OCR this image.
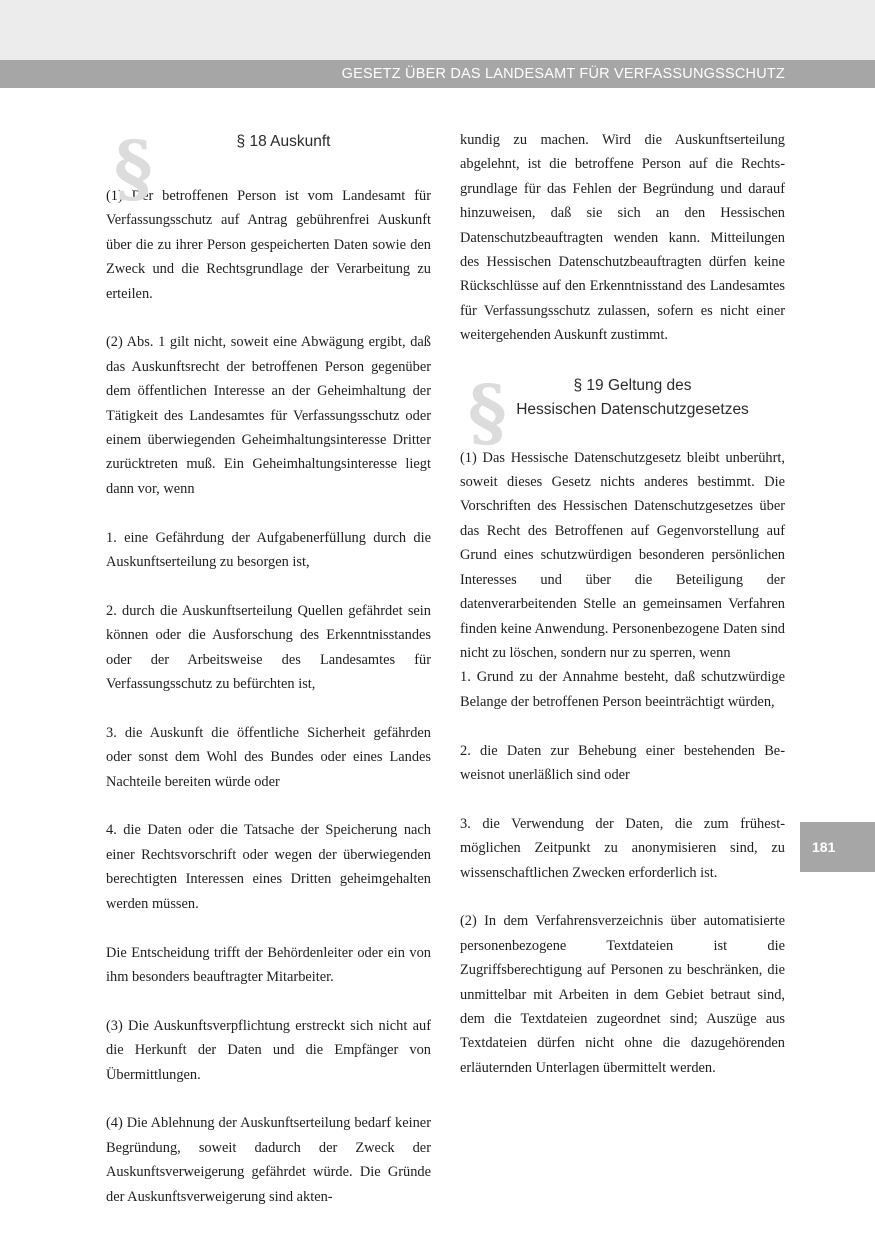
GESETZ ÜBER DAS LANDESAMT FÜR VERFASSUNGSSCHUTZ
181
§	§ 18 Auskunft

(1) Der betroffenen Person ist vom Landesamt für Verfassungsschutz auf Antrag gebührenfrei Auskunft über die zu ihrer Person gespeicherten Daten sowie den Zweck und die Rechtsgrundlage der Verarbeitung zu erteilen.

(2) Abs. 1 gilt nicht, soweit eine Abwägung ergibt, daß das Auskunftsrecht der betroffenen Person gegenüber dem öffentlichen Interesse an der Geheimhaltung der Tätigkeit des Landesamtes für Verfassungsschutz oder einem überwiegenden Geheimhaltungsinteresse Dritter zurücktreten muß. Ein Geheimhaltungsinteresse liegt dann vor, wenn

1. eine Gefährdung der Aufgabenerfüllung durch die Auskunftserteilung zu besorgen ist,

2. durch die Auskunftserteilung Quellen gefährdet sein können oder die Ausforschung des Erkenntnisstandes oder der Arbeitsweise des Landesamtes für Verfassungsschutz zu befürchten ist,

3. die Auskunft die öffentliche Sicherheit gefährden oder sonst dem Wohl des Bundes oder eines Landes Nachteile bereiten würde oder

4. die Daten oder die Tatsache der Speicherung nach einer Rechtsvorschrift oder wegen der überwiegenden berechtigten Interessen eines Dritten geheimgehalten werden müssen.

Die Entscheidung trifft der Behördenleiter oder ein von ihm besonders beauftragter Mitarbeiter.

(3) Die Auskunftsverpflichtung erstreckt sich nicht auf die Herkunft der Daten und die Empfänger von Übermittlungen.

(4) Die Ablehnung der Auskunftserteilung bedarf keiner Begründung, soweit dadurch der Zweck der Auskunftsverweigerung gefährdet würde. Die Gründe der Auskunftsverweigerung sind akten-

kundig zu machen. Wird die Auskunftserteilung abgelehnt, ist die betroffene Person auf die Rechtsgrundlage für das Fehlen der Begründung und darauf hinzuweisen, daß sie sich an den Hessischen Datenschutzbeauftragten wenden kann. Mitteilungen des Hessischen Datenschutzbeauftragten dürfen keine Rückschlüsse auf den Erkenntnisstand des Landesamtes für Verfassungsschutz zulassen, sofern es nicht einer weitergehenden Auskunft zustimmt.

§	§ 19 Geltung des
Hessischen Datenschutzgesetzes

(1) Das Hessische Datenschutzgesetz bleibt unberührt, soweit dieses Gesetz nichts anderes bestimmt. Die Vorschriften des Hessischen Datenschutzgesetzes über das Recht des Betroffenen auf Gegenvorstellung auf Grund eines schutzwürdigen besonderen persönlichen Interesses und über die Beteiligung der datenverarbeitenden Stelle an gemeinsamen Verfahren finden keine Anwendung. Personenbezogene Daten sind nicht zu löschen, sondern nur zu sperren, wenn

1. Grund zu der Annahme besteht, daß schutzwürdige Belange der betroffenen Person beeinträchtigt würden,

2. die Daten zur Behebung einer bestehenden Beweisnot unerläßlich sind oder

3. die Verwendung der Daten, die zum frühestmöglichen Zeitpunkt zu anonymisieren sind, zu wissenschaftlichen Zwecken erforderlich ist.

(2) In dem Verfahrensverzeichnis über automatisierte personenbezogene Textdateien ist die Zugriffsberechtigung auf Personen zu beschränken, die unmittelbar mit Arbeiten in dem Gebiet betraut sind, dem die Textdateien zugeordnet sind; Auszüge aus Textdateien dürfen nicht ohne die dazugehörenden erläuternden Unterlagen übermittelt werden.
